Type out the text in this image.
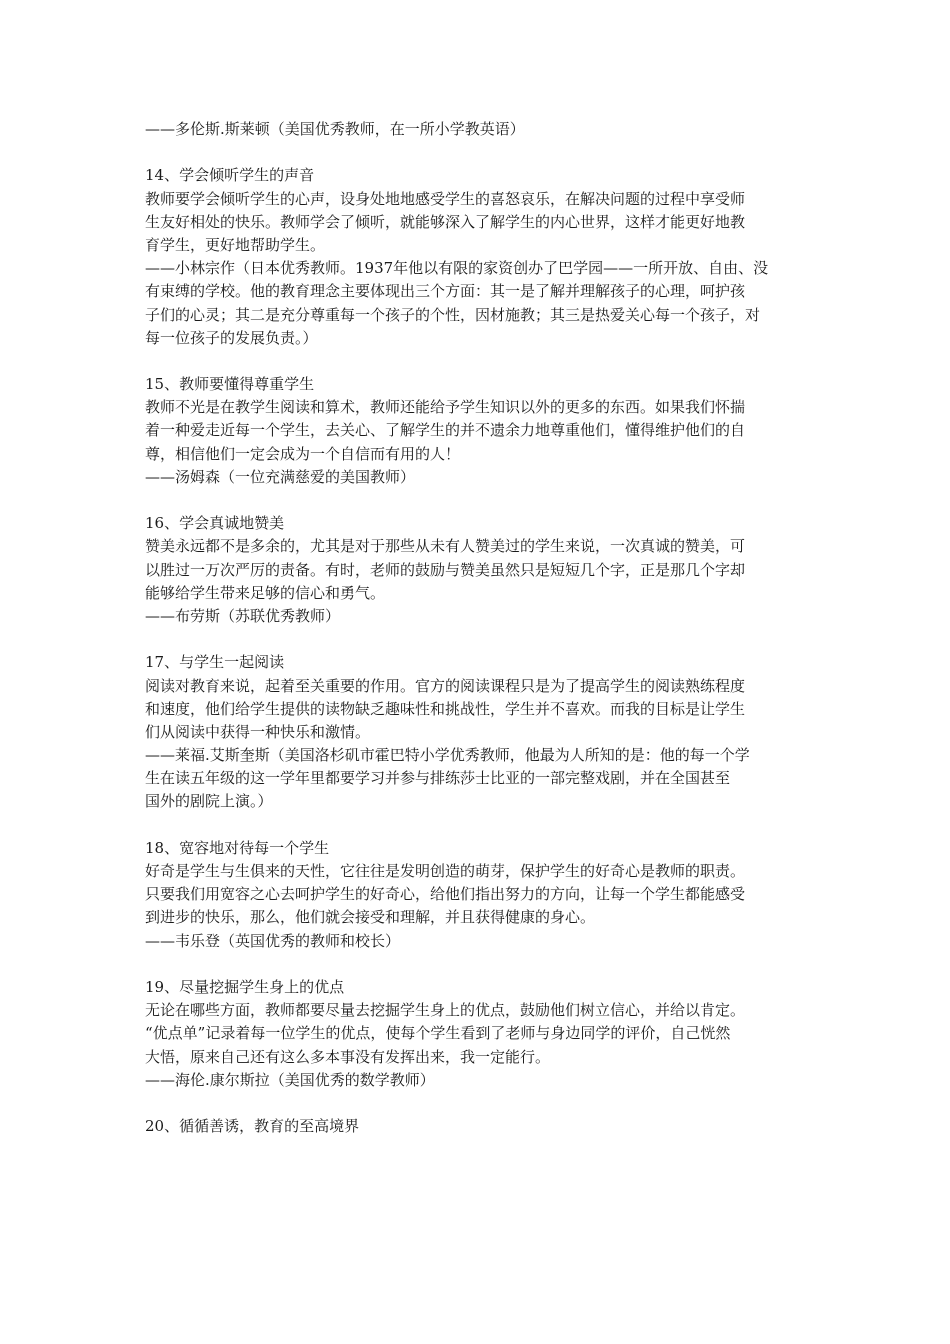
——多伦斯.斯莱顿（美国优秀教师，在一所小学教英语）
14、学会倾听学生的声音
教师要学会倾听学生的心声，设身处地地感受学生的喜怒哀乐，在解决问题的过程中享受师
生友好相处的快乐。教师学会了倾听，就能够深入了解学生的内心世界，这样才能更好地教
育学生，更好地帮助学生。
——小林宗作（日本优秀教师。1937年他以有限的家资创办了巴学园——一所开放、自由、没
有束缚的学校。他的教育理念主要体现出三个方面：其一是了解并理解孩子的心理，呵护孩
子们的心灵；其二是充分尊重每一个孩子的个性，因材施教；其三是热爱关心每一个孩子，对
每一位孩子的发展负责。）
15、教师要懂得尊重学生
教师不光是在教学生阅读和算术，教师还能给予学生知识以外的更多的东西。如果我们怀揣
着一种爱走近每一个学生，去关心、了解学生的并不遗余力地尊重他们，懂得维护他们的自
尊，相信他们一定会成为一个自信而有用的人！
——汤姆森（一位充满慈爱的美国教师）
16、学会真诚地赞美
赞美永远都不是多余的，尤其是对于那些从未有人赞美过的学生来说，一次真诚的赞美，可
以胜过一万次严厉的责备。有时，老师的鼓励与赞美虽然只是短短几个字，正是那几个字却
能够给学生带来足够的信心和勇气。
——布劳斯（苏联优秀教师）
17、与学生一起阅读
阅读对教育来说，起着至关重要的作用。官方的阅读课程只是为了提高学生的阅读熟练程度
和速度，他们给学生提供的读物缺乏趣味性和挑战性，学生并不喜欢。而我的目标是让学生
们从阅读中获得一种快乐和激情。
——莱福.艾斯奎斯（美国洛杉矶市霍巴特小学优秀教师，他最为人所知的是：他的每一个学
生在读五年级的这一学年里都要学习并参与排练莎士比亚的一部完整戏剧，并在全国甚至
国外的剧院上演。）
18、宽容地对待每一个学生
好奇是学生与生俱来的天性，它往往是发明创造的萌芽，保护学生的好奇心是教师的职责。
只要我们用宽容之心去呵护学生的好奇心，给他们指出努力的方向，让每一个学生都能感受
到进步的快乐，那么，他们就会接受和理解，并且获得健康的身心。
——韦乐登（英国优秀的教师和校长）
19、尽量挖掘学生身上的优点
无论在哪些方面，教师都要尽量去挖掘学生身上的优点，鼓励他们树立信心，并给以肯定。
“优点单”记录着每一位学生的优点，使每个学生看到了老师与身边同学的评价，自己恍然
大悟，原来自己还有这么多本事没有发挥出来，我一定能行。
——海伦.康尔斯拉（美国优秀的数学教师）
20、循循善诱，教育的至高境界
